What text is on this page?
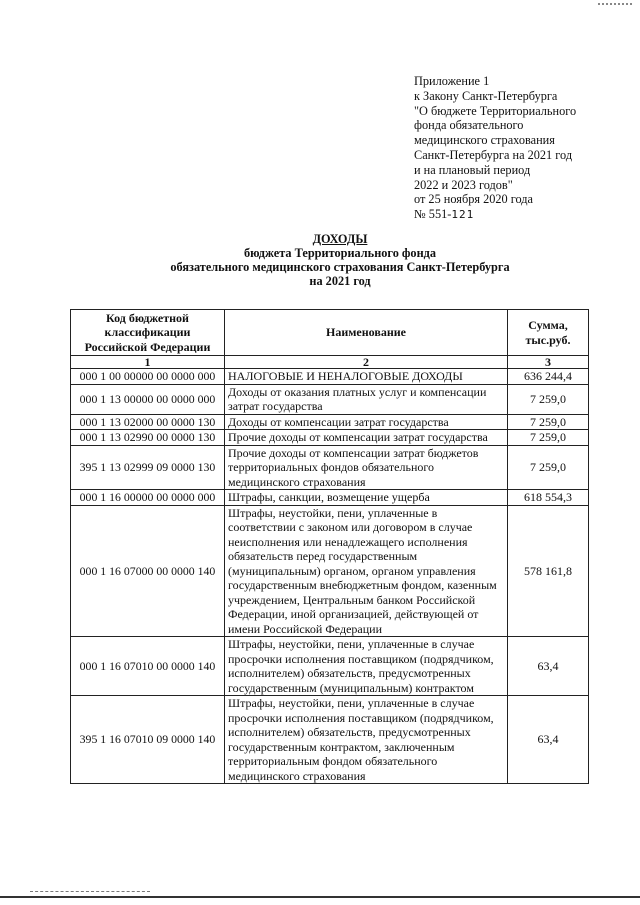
Приложение 1
к Закону Санкт-Петербурга
"О бюджете Территориального
фонда обязательного
медицинского страхования
Санкт-Петербурга на 2021 год
и на плановый период
2022 и 2023 годов"
от 25 ноября 2020 года
№ 551-121
ДОХОДЫ
бюджета Территориального фонда
обязательного медицинского страхования Санкт-Петербурга
на 2021 год
Код бюджетной классификации Российской Федерации	Наименование	Сумма, тыс.руб.
1	2	3
000 1 00 00000 00 0000 000	НАЛОГОВЫЕ И НЕНАЛОГОВЫЕ ДОХОДЫ	636 244,4
000 1 13 00000 00 0000 000	Доходы от оказания платных услуг и компенсации затрат государства	7 259,0
000 1 13 02000 00 0000 130	Доходы от компенсации затрат государства	7 259,0
000 1 13 02990 00 0000 130	Прочие доходы от компенсации затрат государства	7 259,0
395 1 13 02999 09 0000 130	Прочие доходы от компенсации затрат бюджетов территориальных фондов обязательного медицинского страхования	7 259,0
000 1 16 00000 00 0000 000	Штрафы, санкции, возмещение ущерба	618 554,3
000 1 16 07000 00 0000 140	Штрафы, неустойки, пени, уплаченные в соответствии с законом или договором в случае неисполнения или ненадлежащего исполнения обязательств перед государственным (муниципальным) органом, органом управления государственным внебюджетным фондом, казенным учреждением, Центральным банком Российской Федерации, иной организацией, действующей от имени Российской Федерации	578 161,8
000 1 16 07010 00 0000 140	Штрафы, неустойки, пени, уплаченные в случае просрочки исполнения поставщиком (подрядчиком, исполнителем) обязательств, предусмотренных государственным (муниципальным) контрактом	63,4
395 1 16 07010 09 0000 140	Штрафы, неустойки, пени, уплаченные в случае просрочки исполнения поставщиком (подрядчиком, исполнителем) обязательств, предусмотренных государственным контрактом, заключенным территориальным фондом обязательного медицинского страхования	63,4
